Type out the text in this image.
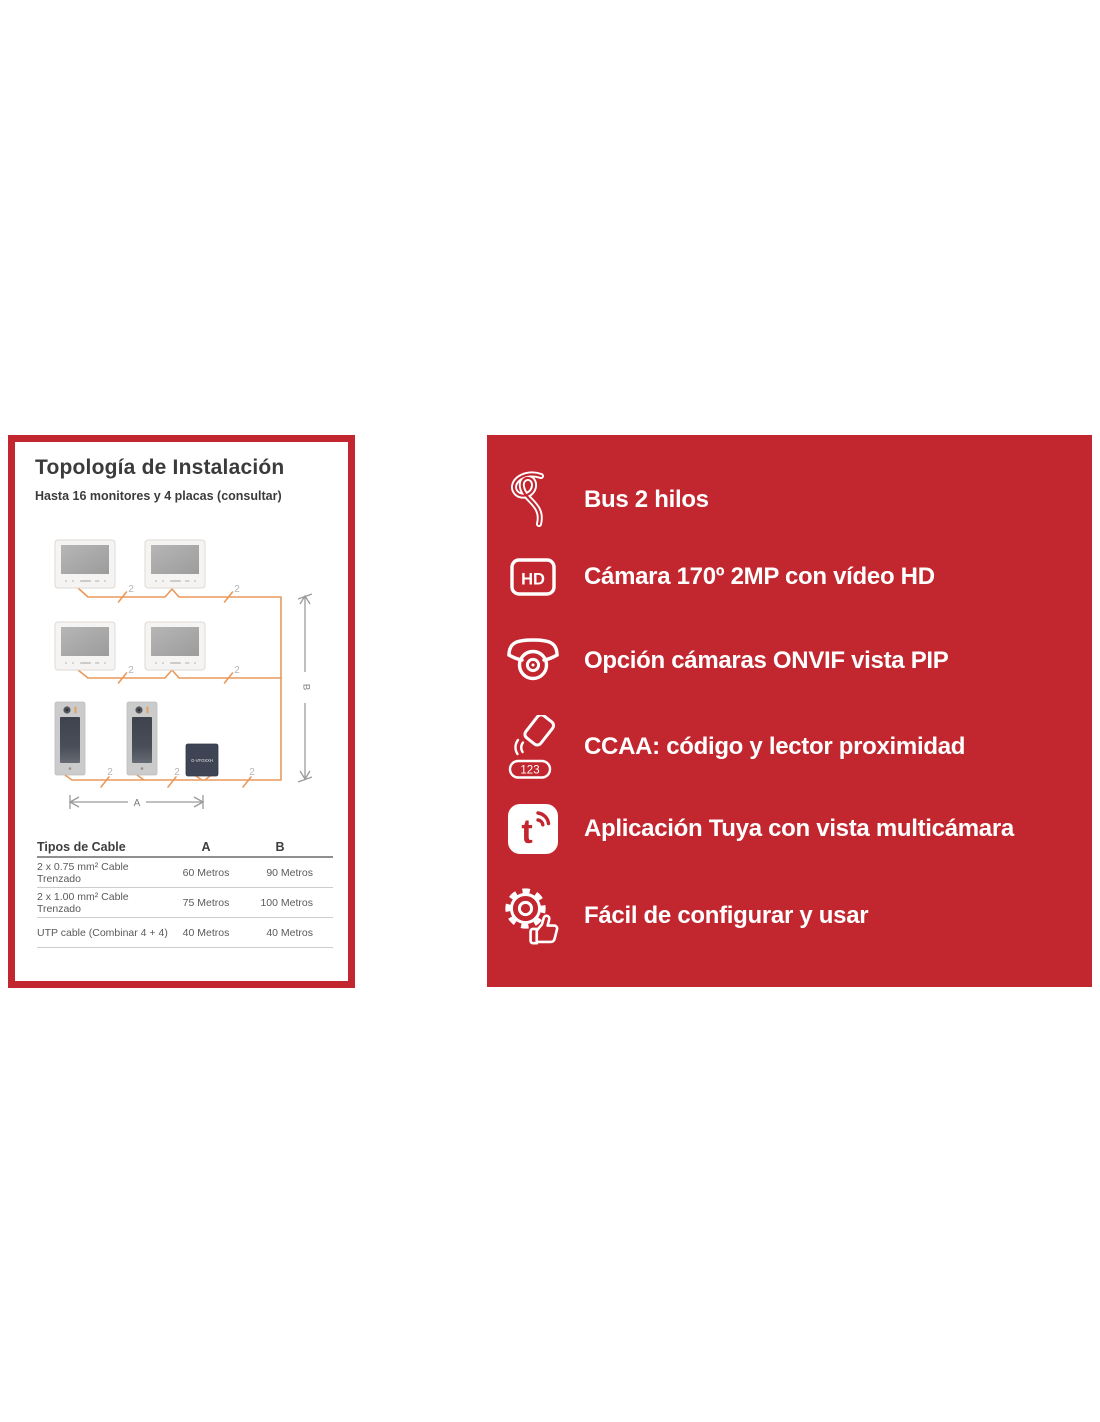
Topología de Instalación
Hasta 16 monitores y 4 placas (consultar)
2	2
2	2
2	2	2
G-VFOXXH
B
A
Tipos de Cable	A	B
2 x 0.75 mm² Cable Trenzado	60 Metros	90 Metros
2 x 1.00 mm² Cable Trenzado	75 Metros	100 Metros
UTP cable (Combinar 4 + 4)	40 Metros	40 Metros
Bus 2 hilos
HD Cámara 170º 2MP con vídeo HD
Opción cámaras ONVIF vista PIP
123
CCAA: código y lector proximidad
t Aplicación Tuya con vista multicámara
Fácil de configurar y usar
